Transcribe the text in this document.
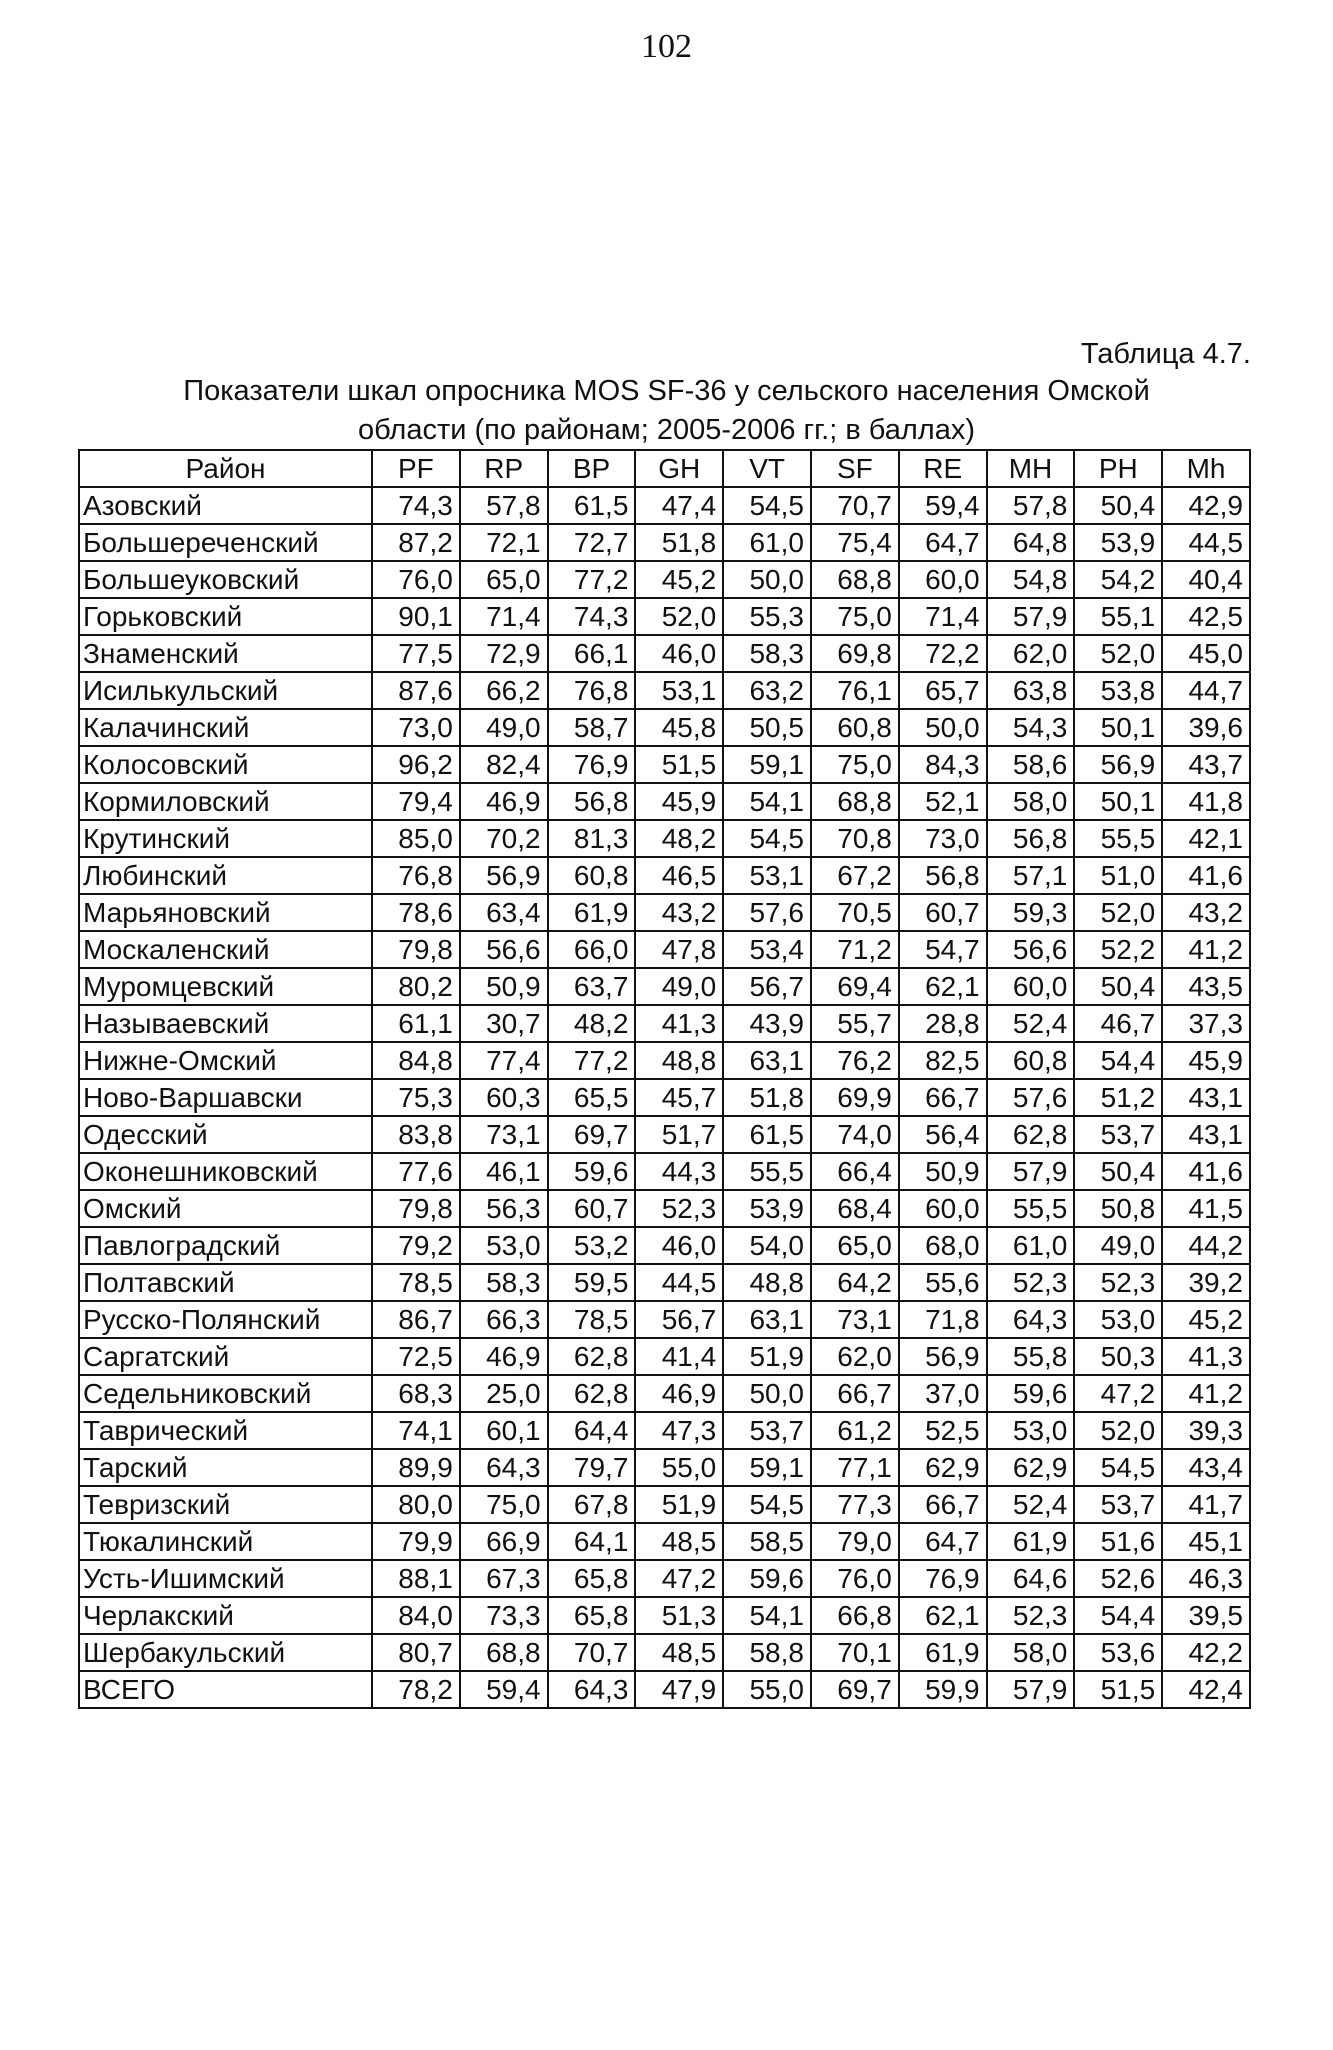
102
Таблица 4.7.
Показатели шкал опросника MOS SF-36 у сельского населения Омской
области (по районам; 2005-2006 гг.; в баллах)
Район	PF	RP	BP	GH	VT	SF	RE	MH	PH	Mh
Азовский	74,3	57,8	61,5	47,4	54,5	70,7	59,4	57,8	50,4	42,9
Большереченский	87,2	72,1	72,7	51,8	61,0	75,4	64,7	64,8	53,9	44,5
Большеуковский	76,0	65,0	77,2	45,2	50,0	68,8	60,0	54,8	54,2	40,4
Горьковский	90,1	71,4	74,3	52,0	55,3	75,0	71,4	57,9	55,1	42,5
Знаменский	77,5	72,9	66,1	46,0	58,3	69,8	72,2	62,0	52,0	45,0
Исилькульский	87,6	66,2	76,8	53,1	63,2	76,1	65,7	63,8	53,8	44,7
Калачинский	73,0	49,0	58,7	45,8	50,5	60,8	50,0	54,3	50,1	39,6
Колосовский	96,2	82,4	76,9	51,5	59,1	75,0	84,3	58,6	56,9	43,7
Кормиловский	79,4	46,9	56,8	45,9	54,1	68,8	52,1	58,0	50,1	41,8
Крутинский	85,0	70,2	81,3	48,2	54,5	70,8	73,0	56,8	55,5	42,1
Любинский	76,8	56,9	60,8	46,5	53,1	67,2	56,8	57,1	51,0	41,6
Марьяновский	78,6	63,4	61,9	43,2	57,6	70,5	60,7	59,3	52,0	43,2
Москаленский	79,8	56,6	66,0	47,8	53,4	71,2	54,7	56,6	52,2	41,2
Муромцевский	80,2	50,9	63,7	49,0	56,7	69,4	62,1	60,0	50,4	43,5
Называевский	61,1	30,7	48,2	41,3	43,9	55,7	28,8	52,4	46,7	37,3
Нижне-Омский	84,8	77,4	77,2	48,8	63,1	76,2	82,5	60,8	54,4	45,9
Ново-Варшавски	75,3	60,3	65,5	45,7	51,8	69,9	66,7	57,6	51,2	43,1
Одесский	83,8	73,1	69,7	51,7	61,5	74,0	56,4	62,8	53,7	43,1
Оконешниковский	77,6	46,1	59,6	44,3	55,5	66,4	50,9	57,9	50,4	41,6
Омский	79,8	56,3	60,7	52,3	53,9	68,4	60,0	55,5	50,8	41,5
Павлоградский	79,2	53,0	53,2	46,0	54,0	65,0	68,0	61,0	49,0	44,2
Полтавский	78,5	58,3	59,5	44,5	48,8	64,2	55,6	52,3	52,3	39,2
Русско-Полянский	86,7	66,3	78,5	56,7	63,1	73,1	71,8	64,3	53,0	45,2
Саргатский	72,5	46,9	62,8	41,4	51,9	62,0	56,9	55,8	50,3	41,3
Седельниковский	68,3	25,0	62,8	46,9	50,0	66,7	37,0	59,6	47,2	41,2
Таврический	74,1	60,1	64,4	47,3	53,7	61,2	52,5	53,0	52,0	39,3
Тарский	89,9	64,3	79,7	55,0	59,1	77,1	62,9	62,9	54,5	43,4
Тевризский	80,0	75,0	67,8	51,9	54,5	77,3	66,7	52,4	53,7	41,7
Тюкалинский	79,9	66,9	64,1	48,5	58,5	79,0	64,7	61,9	51,6	45,1
Усть-Ишимский	88,1	67,3	65,8	47,2	59,6	76,0	76,9	64,6	52,6	46,3
Черлакский	84,0	73,3	65,8	51,3	54,1	66,8	62,1	52,3	54,4	39,5
Шербакульский	80,7	68,8	70,7	48,5	58,8	70,1	61,9	58,0	53,6	42,2
ВСЕГО	78,2	59,4	64,3	47,9	55,0	69,7	59,9	57,9	51,5	42,4
